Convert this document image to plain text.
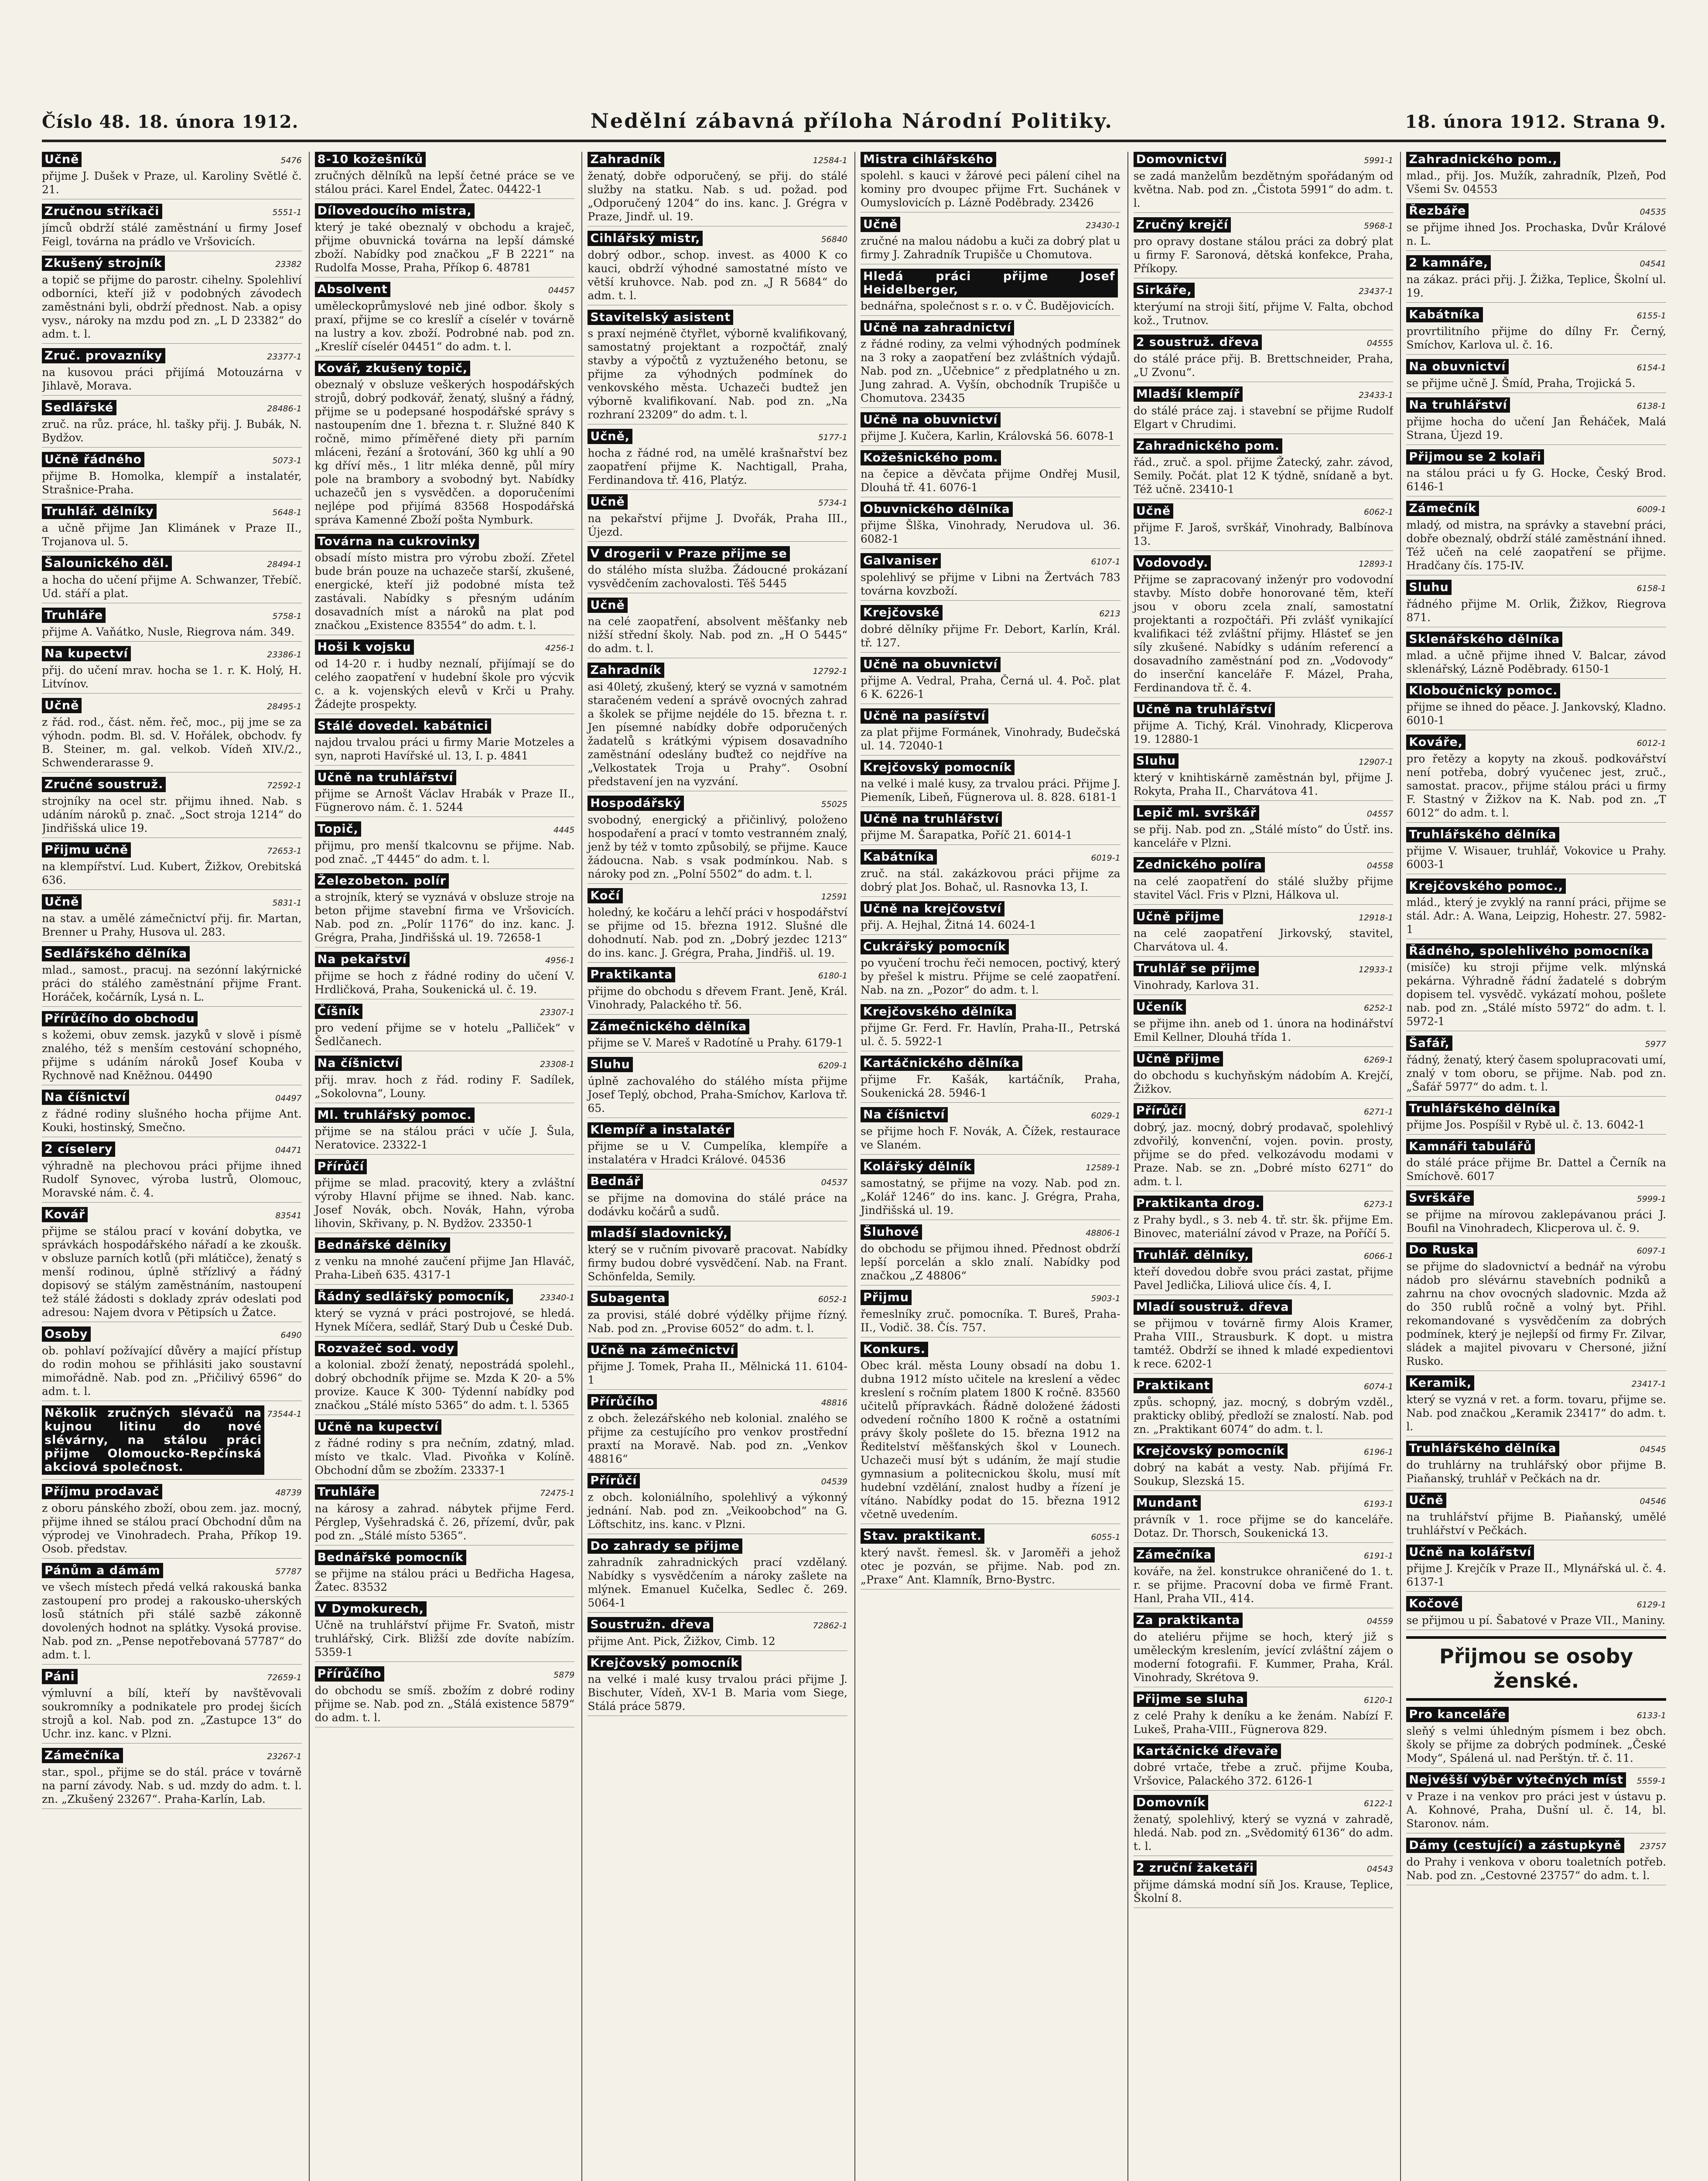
Číslo 48. 18. února 1912.	Nedělní zábavná příloha Národní Politiky.	18. února 1912. Strana 9.
Učně	5476
přijme J. Dušek v Praze, ul. Karoliny Světlé č. 21.
Zručnou stříkači	5551-1
jímců obdrží stálé zaměstnání u firmy Josef Feigl, továrna na prádlo ve Vršovicích.
Zkušený strojník	23382
a topič se přijme do parostr. cihelny. Spolehliví odborníci, kteří již v podobných závodech zaměstnáni byli, obdrží přednost. Nab. a opisy vysv., nároky na mzdu pod zn. „L D 23382“ do adm. t. l.
Zruč. provazníky	23377-1
na kusovou práci přijímá Motouzárna v Jihlavě, Morava.
Sedlářské	28486-1
zruč. na růz. práce, hl. tašky přij. J. Bubák, N. Bydžov.
Učně řádného	5073-1
přijme B. Homolka, klempíř a instalatér, Strašnice-Praha.
Truhlář. dělníky	5648-1
a učně přijme Jan Klimánek v Praze II., Trojanova ul. 5.
Šalounického děl.	28494-1
a hocha do učení přijme A. Schwanzer, Třebíč. Ud. stáří a plat.
Truhláře	5758-1
přijme A. Vaňátko, Nusle, Riegrova nám. 349.
Na kupectví	23386-1
přij. do učení mrav. hocha se 1. r. K. Holý, H. Litvínov.
Učně	28495-1
z řád. rod., část. něm. řeč, moc., pij jme se za výhodn. podm. Bl. sd. V. Hořálek, obchodv. fy B. Steiner, m. gal. velkob. Vídeň XIV./2., Schwenderarasse 9.
Zručné soustruž.	72592-1
strojníky na ocel str. přijmu ihned. Nab. s udáním nároků p. znač. „Soct stroja 1214“ do Jindřišská ulice 19.
Přijmu učně	72653-1
na klempířství. Lud. Kubert, Žižkov, Orebitská 636.
Učně	5831-1
na stav. a umělé zámečnictví přij. fir. Martan, Brenner u Prahy, Husova ul. 283.
Sedlářského dělníka
mlad., samost., pracuj. na sezónní lakýrnické práci do stálého zaměstnání přijme Frant. Horáček, kočárník, Lysá n. L.
Přírůčího do obchodu
s kožemi, obuv zemsk. jazyků v slově i písmě znalého, též s menším cestování schopného, přijme s udáním nároků Josef Kouba v Rychnově nad Kněžnou. 04490
Na číšnictví	04497
z řádné rodiny slušného hocha přijme Ant. Kouki, hostinský, Smečno.
2 císelery	04471
výhradně na plechovou práci přijme ihned Rudolf Synovec, výroba lustrů, Olomouc, Moravské nám. č. 4.
Kovář	83541
přijme se stálou prací v kování dobytka, ve správkách hospodářského nářadí a ke zkoušk. v obsluze parních kotlů (při mlátičce), ženatý s menší rodinou, úplně střízlivý a řádný dopisový se stálým zaměstnáním, nastoupení tež stálé žádosti s doklady zpráv odeslati pod adresou: Najem dvora v Pětipsích u Žatce.
Osoby	6490
ob. pohlaví požívající důvěry a mající přístup do rodin mohou se přihlásiti jako soustavní mimořádně. Nab. pod zn. „Přičilivý 6596“ do adm. t. l.
Několik zručných slévačů na kujnou litinu do nové slévárny, na stálou práci přijme Olomoucko-Repčínská akciová společnost.
73544-1
Příjmu prodavač	48739
z oboru pánského zboží, obou zem. jaz. mocný, přijme ihned se stálou prací Obchodní dům na výprodej ve Vinohradech. Praha, Příkop 19. Osob. představ.
Pánům a dámám	57787
ve všech místech předá velká rakouská banka zastoupení pro prodej a rakousko-uherských losů státních při stálé sazbě zákonně dovolených hodnot na splátky. Vysoká provise. Nab. pod zn. „Pense nepotřebovaná 57787“ do adm. t. l.
Páni	72659-1
výmluvní a bílí, kteří by navštěvovali soukromníky a podnikatele pro prodej šicích strojů a kol. Nab. pod zn. „Zastupce 13“ do Uchr. inz. kanc. v Plzni.
Zámečníka	23267-1
star., spol., přijme se do stál. práce v továrně na parní závody. Nab. s ud. mzdy do adm. t. l. zn. „Zkušený 23267“. Praha-Karlín, Lab.
8-10 kožešníků
zručných dělníků na lepší četné práce se ve stálou práci. Karel Endel, Žatec. 04422-1
Dílovedoucího mistra,
který je také obeznalý v obchodu a kraječ, přijme obuvnická továrna na lepší dámské zboží. Nabídky pod značkou „F B 2221“ na Rudolfa Mosse, Praha, Příkop 6. 48781
Absolvent	04457
uměleckoprůmyslové neb jiné odbor. školy s praxí, přijme se co kreslíř a císelér v továrně na lustry a kov. zboží. Podrobné nab. pod zn. „Kreslíř císelér 04451“ do adm. t. l.
Kovář, zkušený topič,
obeznalý v obsluze veškerých hospodářských strojů, dobrý podkovář, ženatý, slušný a řádný, přijme se u podepsané hospodářské správy s nastoupením dne 1. března t. r. Služné 840 K ročně, mimo příměřené diety při parním mláceni, řezání a šrotování, 360 kg uhlí a 90 kg dříví měs., 1 litr mléka denně, půl míry pole na brambory a svobodný byt. Nabídky uchazečů jen s vysvědčen. a doporučeními nejlépe pod přijímá 83568 Hospodářská správa Kamenné Zboží pošta Nymburk.
Továrna na cukrovinky
obsadí místo mistra pro výrobu zboží. Zřetel bude brán pouze na uchazeče starší, zkušené, energické, kteří již podobné místa tež zastávali. Nabídky s přesným udáním dosavadních míst a nároků na plat pod značkou „Existence 83554“ do adm. t. l.
Hoši k vojsku	4256-1
od 14-20 r. i hudby neznalí, přijímají se do celého zaopatření v hudební škole pro výcvik c. a k. vojenských elevů v Krči u Prahy. Žádejte prospekty.
Stálé dovedel. kabátnici
najdou trvalou práci u firmy Marie Motzeles a syn, naproti Havířské ul. 13, I. p. 4841
Učně na truhlářství
přijme se Arnošt Václav Hrabák v Praze II., Fügnerovo nám. č. 1. 5244
Topič,	4445
přijmu, pro menší tkalcovnu se přijme. Nab. pod znač. „T 4445“ do adm. t. l.
Železobeton. polír
a strojník, který se vyznává v obsluze stroje na beton přijme stavební firma ve Vršovicích. Nab. pod zn. „Polír 1176“ do inz. kanc. J. Grégra, Praha, Jindřišská ul. 19. 72658-1
Na pekařství	4956-1
přijme se hoch z řádné rodiny do učení V. Hrdličková, Praha, Soukenická ul. č. 19.
Číšník	23307-1
pro vedení přijme se v hotelu „Palliček“ v Šedlčanech.
Na číšnictví	23308-1
přij. mrav. hoch z řád. rodiny F. Sadílek, „Sokolovna“, Louny.
Ml. truhlářský pomoc.
přijme se na stálou práci v učíe J. Šula, Neratovice. 23322-1
Přírůčí
přijme se mlad. pracovitý, ktery a zvláštní výroby Hlavní přijme se ihned. Nab. kanc. Josef Novák, obch. Novák, Hahn, výroba lihovin, Skřivany, p. N. Bydžov. 23350-1
Bednářské dělníky
z venku na mnohé zaučení přijme Jan Hlaváč, Praha-Libeň 635. 4317-1
Řádný sedlářský pomocník,	23340-1
který se vyzná v práci postrojové, se hledá. Hynek Míčera, sedlář, Starý Dub u České Dub.
Rozvažeč sod. vody
a kolonial. zboží ženatý, nepostrádá spolehl., dobrý obchodník přijme se. Mzda K 20- a 5% provize. Kauce K 300- Týdenní nabídky pod značkou „Stálé místo 5365“ do adm. t. l. 5365
Učně na kupectví
z řádné rodiny s pra nečním, zdatný, mlad. místo ve tkalc. Vlad. Pivoňka v Kolíně. Obchodní dům se zbožím. 23337-1
Truhláře	72475-1
na károsy a zahrad. nábytek přijme Ferd. Pérglep, Vyšehradská č. 26, přízemí, dvůr, pak pod zn. „Stálé místo 5365“.
Bednářské pomocník
se přijme na stálou práci u Bedřicha Hagesa, Žatec. 83532
V Dymokurech,
Učně na truhlářství přijme Fr. Svatoň, mistr truhlářský, Cirk. Bližší zde dovíte nabízím. 5359-1
Přírůčího	5879
do obchodu se smíš. zbožím z dobré rodiny přijme se. Nab. pod zn. „Stálá existence 5879“ do adm. t. l.
Zahradník	12584-1
ženatý, dobře odporučený, se přij. do stálé služby na statku. Nab. s ud. požad. pod „Odporučený 1204“ do ins. kanc. J. Grégra v Praze, Jindř. ul. 19.
Cihlářský mistr,	56840
dobrý odbor., schop. invest. as 4000 K co kauci, obdrží výhodné samostatné místo ve větší kruhovce. Nab. pod zn. „J R 5684“ do adm. t. l.
Stavitelský asistent
s praxí nejméně čtyřlet, výborně kvalifikovaný, samostatný projektant a rozpočtář, znalý stavby a výpočtů z vyztuženého betonu, se přijme za výhodných podmínek do venkovského města. Uchazeči budtež jen výborně kvalifikovaní. Nab. pod zn. „Na rozhraní 23209“ do adm. t. l.
Učně,	5177-1
hocha z řádné rod, na umělé krašnařství bez zaopatření přijme K. Nachtigall, Praha, Ferdinandova tř. 416, Platýz.
Učně	5734-1
na pekařství přijme J. Dvořák, Praha III., Újezd.
V drogerii v Praze přijme se
do stálého místa služba. Žádoucné prokázaní vysvědčením zachovalosti. Těš 5445
Učně
na celé zaopatření, absolvent měšťanky neb nižší střední školy. Nab. pod zn. „H O 5445“ do adm. t. l.
Zahradník	12792-1
asi 40letý, zkušený, který se vyzná v samotném staračeném vedení a správě ovocných zahrad a školek se přijme nejdéle do 15. března t. r. Jen písemné nabídky dobře odporučených žadatelů s krátkými výpisem dosavadního zaměstnání odeslány buďtež co nejdříve na „Velkostatek Troja u Prahy“. Osobní představení jen na vyzvání.
Hospodářský	55025
svobodný, energický a přičinlivý, položeno hospodaření a prací v tomto vestranném znalý, jenž by též v tomto způsobilý, se přijme. Kauce žádoucna. Nab. s vsak podmínkou. Nab. s nároky pod zn. „Polní 5502“ do adm. t. l.
Kočí	12591
holedný, ke kočáru a lehčí práci v hospodářství se přijme od 15. března 1912. Slušné dle dohodnutí. Nab. pod zn. „Dobrý jezdec 1213“ do ins. kanc. J. Grégra, Praha, Jindřiš. ul. 19.
Praktikanta	6180-1
přijme do obchodu s dřevem Frant. Jeně, Král. Vinohrady, Palackého tř. 56.
Zámečnického dělníka
přijme se V. Mareš v Radotíně u Prahy. 6179-1
Sluhu	6209-1
úplně zachovalého do stálého místa přijme Josef Teplý, obchod, Praha-Smíchov, Karlova tř. 65.
Klempíř a instalatér
přijme se u V. Cumpelíka, klempíře a instalatéra v Hradci Králové. 04536
Bednář	04537
se přijme na domovina do stálé práce na dodávku kočárů a sudů.
mladší sladovnický,
který se v ručním pivovarě pracovat. Nabídky firmy budou dobré vysvědčení. Nab. na Frant. Schönfelda, Semily.
Subagenta	6052-1
za provisi, stálé dobré výdělky přijme řízný. Nab. pod zn. „Provise 6052“ do adm. t. l.
Učně na zámečnictví
přijme J. Tomek, Praha II., Mělnická 11. 6104-1
Přírůčího	48816
z obch. železářského neb kolonial. znalého se přijme za cestujícího pro venkov prostřední praxtí na Moravě. Nab. pod zn. „Venkov 48816“
Přírůčí	04539
z obch. koloniálního, spolehlivý a výkonný jednání. Nab. pod zn. „Veikoobchod“ na G. Löftschitz, ins. kanc. v Plzni.
Do zahrady se přijme
zahradník zahradnických prací vzdělaný. Nabídky s vysvědčením a nároky zašlete na mlýnek. Emanuel Kučelka, Sedlec č. 269. 5064-1
Soustružn. dřeva	72862-1
přijme Ant. Pick, Žižkov, Cimb. 12
Krejčovský pomocník
na velké i malé kusy trvalou práci přijme J. Bischuter, Vídeň, XV-1 B. Maria vom Siege, Stálá práce 5879.
Mistra cihlářského
spolehl. s kauci v žárové peci pálení cihel na kominy pro dvoupec přijme Frt. Suchánek v Oumyslovicích p. Lázně Poděbrady. 23426
Učně	23430-1
zručné na malou nádobu a kuči za dobrý plat u firmy J. Zahradník Trupišče u Chomutova.
Hledá práci přijme Josef Heidelberger,
bednářna, společnost s r. o. v Č. Budějovicích.
Učně na zahradnictví
z řádné rodiny, za velmi výhodných podmínek na 3 roky a zaopatření bez zvláštních výdajů. Nab. pod zn. „Učebnice“ z předplatného u zn. Jung zahrad. A. Vyšín, obchodník Trupišče u Chomutova. 23435
Učně na obuvnictví
přijme J. Kučera, Karlin, Královská 56. 6078-1
Kožešnického pom.
na čepice a děvčata přijme Ondřej Musil, Dlouhá tř. 41. 6076-1
Obuvnického dělníka
přijme Šlška, Vinohrady, Nerudova ul. 36. 6082-1
Galvaniser	6107-1
spolehlivý se přijme v Libni na Žertvách 783 továrna kovzboží.
Krejčovské	6213
dobré dělníky přijme Fr. Debort, Karlín, Král. tř. 127.
Učně na obuvnictví
přijme A. Vedral, Praha, Černá ul. 4. Poč. plat 6 K. 6226-1
Učně na pasířství
za plat přijme Formánek, Vinohrady, Budečská ul. 14. 72040-1
Krejčovský pomocník
na velké i malé kusy, za trvalou práci. Přijme J. Piemeník, Libeň, Fügnerova ul. 8. 828. 6181-1
Učně na truhlářství
přijme M. Šarapatka, Poříč 21. 6014-1
Kabátníka	6019-1
zruč. na stál. zakázkovou práci přijme za dobrý plat Jos. Bohač, ul. Rasnovka 13, I.
Učně na krejčovství
přij. A. Hejhal, Žitná 14. 6024-1
Cukrářský pomocník
po vyučení trochu řeči nemocen, poctivý, který by přešel k mistru. Přijme se celé zaopatření. Nab. na zn. „Pozor“ do adm. t. l.
Krejčovského dělníka
přijme Gr. Ferd. Fr. Havlín, Praha-II., Petrská ul. č. 5. 5922-1
Kartáčnického dělníka
přijme Fr. Kašák, kartáčník, Praha, Soukenická 28. 5946-1
Na číšnictví	6029-1
se přijme hoch F. Novák, A. Čížek, restaurace ve Slaném.
Kolářský dělník	12589-1
samostatný, se přijme na vozy. Nab. pod zn. „Kolář 1246“ do ins. kanc. J. Grégra, Praha, Jindřišská ul. 19.
Šluhové	48806-1
do obchodu se přijmou ihned. Přednost obdrží lepší porcelán a sklo znalí. Nabídky pod značkou „Z 48806“
Přijmu	5903-1
řemeslníky zruč. pomocníka. T. Bureš, Praha-II., Vodič. 38. Čís. 757.
Konkurs.
Obec král. města Louny obsadí na dobu 1. dubna 1912 místo učitele na kreslení a vědec kreslení s ročním platem 1800 K ročně. 83560 učitelů přípravkách. Řádně doložené žádosti odvedení ročního 1800 K ročně a ostatními právy školy pošlete do 15. března 1912 na Ředitelství měšťanských škol v Lounech. Uchazeči musí být s udáním, že mají studie gymnasium a politecnickou školu, musí mít hudební vzdělání, znalost hudby a řízení je vítáno. Nabídky podat do 15. března 1912 včetně uvedením.
Stav. praktikant.	6055-1
který navšt. řemesl. šk. v Jaroměři a jehož otec je pozván, se přijme. Nab. pod zn. „Praxe“ Ant. Klamník, Brno-Bystrc.
Domovnictví	5991-1
se zadá manželům bezdětným spořádaným od května. Nab. pod zn. „Čistota 5991“ do adm. t. l.
Zručný krejčí	5968-1
pro opravy dostane stálou práci za dobrý plat u firmy F. Saronová, dětská konfekce, Praha, Příkopy.
Sirkáře,	23437-1
kterýumí na stroji šití, přijme V. Falta, obchod kož., Trutnov.
2 soustruž. dřeva	04555
do stálé práce přij. B. Brettschneider, Praha, „U Zvonu“.
Mladší klempíř	23433-1
do stálé práce zaj. i stavební se přijme Rudolf Elgart v Chrudimi.
Zahradnického pom.
řád., zruč. a spol. přijme Žatecký, zahr. závod, Semily. Počát. plat 12 K týdně, snídaně a byt. Též učně. 23410-1
Učně	6062-1
přijme F. Jaroš, svrškář, Vinohrady, Balbínova 13.
Vodovody.	12893-1
Přijme se zapracovaný inženýr pro vodovodní stavby. Místo dobře honorované těm, kteří jsou v oboru zcela znalí, samostatní projektanti a rozpočtáři. Při zvlášť vynikající kvalifikaci též zvláštní přijmy. Hlásteť se jen síly zkušené. Nabídky s udáním referencí a dosavadního zaměstnání pod zn. „Vodovody“ do inserční kanceláře F. Mázel, Praha, Ferdinandova tř. č. 4.
Učně na truhlářství
přijme A. Tichý, Král. Vinohrady, Klicperova 19. 12880-1
Sluhu	12907-1
který v knihtiskárně zaměstnán byl, přijme J. Rokyta, Praha II., Charvátova 41.
Lepič ml. svrškář	04557
se přij. Nab. pod zn. „Stálé místo“ do Ústř. ins. kanceláře v Plzni.
Zednického políra	04558
na celé zaopatření do stálé služby přijme stavitel Václ. Fris v Plzni, Hálkova ul.
Učně přijme	12918-1
na celé zaopatření Jirkovský, stavitel, Charvátova ul. 4.
Truhlář se přijme	12933-1
Vinohrady, Karlova 31.
Učeník	6252-1
se přijme ihn. aneb od 1. února na hodinářství Emil Kellner, Dlouhá třída 1.
Učně přijme	6269-1
do obchodu s kuchyňským nádobím A. Krejčí, Žižkov.
Přírůčí	6271-1
dobrý, jaz. mocný, dobrý prodavač, spolehlivý zdvořilý, konvenční, vojen. povin. prosty, přijme se do před. velkozávodu modami v Praze. Nab. se zn. „Dobré místo 6271“ do adm. t. l.
Praktikanta drog.	6273-1
z Prahy bydl., s 3. neb 4. tř. str. šk. přijme Em. Binovec, materiální závod v Praze, na Poříčí 5.
Truhlář. dělníky,	6066-1
kteří dovedou dobře svou práci zastat, přijme Pavel Jedlička, Liliová ulice čís. 4, I.
Mladí soustruž. dřeva
se přijmou v továrně firmy Alois Kramer, Praha VIII., Strausburk. K dopt. u mistra tamtéž. Obdrží se ihned k mladé expedientovi k rece. 6202-1
Praktikant	6074-1
způs. schopný, jaz. mocný, s dobrým vzděl., prakticky oblibý, předloží se znalostí. Nab. pod zn. „Praktikant 6074“ do adm. t. l.
Krejčovský pomocník	6196-1
dobrý na kabát a vesty. Nab. přijímá Fr. Soukup, Slezská 15.
Mundant	6193-1
právník v 1. roce přijme se do kanceláře. Dotaz. Dr. Thorsch, Soukenická 13.
Zámečníka	6191-1
kováře, na žel. konstrukce ohraničené do 1. t. r. se přijme. Pracovní doba ve firmě Frant. Hanl, Praha VII., 414.
Za praktikanta	04559
do ateliéru přijme se hoch, který již s uměleckým kreslením, jevící zvláštní zájem o moderní fotografii. F. Kummer, Praha, Král. Vinohrady, Skrétova 9.
Přijme se sluha	6120-1
z celé Prahy k deníku a ke ženám. Nabízí F. Lukeš, Praha-VIII., Fügnerova 829.
Kartáčnické dřevaře
dobré vrtače, třebe a zruč. přijme Kouba, Vršovice, Palackého 372. 6126-1
Domovník	6122-1
ženatý, spolehlivý, který se vyzná v zahradě, hledá. Nab. pod zn. „Svědomitý 6136“ do adm. t. l.
2 zruční žaketáři	04543
přijme dámská modní síň Jos. Krause, Teplice, Školní 8.
Zahradnického pom.,
mlad., přij. Jos. Mužík, zahradník, Plzeň, Pod Všemi Sv. 04553
Řezbáře	04535
se přijme ihned Jos. Prochaska, Dvůr Králové n. L.
2 kamnáře,	04541
na zákaz. práci přij. J. Žižka, Teplice, Školní ul. 19.
Kabátníka	6155-1
provrtilitního přijme do dílny Fr. Černý, Smíchov, Karlova ul. č. 16.
Na obuvnictví	6154-1
se přijme učně J. Šmíd, Praha, Trojická 5.
Na truhlářství	6138-1
přijme hocha do učení Jan Řeháček, Malá Strana, Újezd 19.
Přijmou se 2 kolaři
na stálou práci u fy G. Hocke, Český Brod. 6146-1
Zámečník	6009-1
mladý, od mistra, na správky a stavební práci, dobře obeznalý, obdrží stálé zaměstnání ihned. Též učeň na celé zaopatření se přijme. Hradčany čís. 175-IV.
Sluhu	6158-1
řádného přijme M. Orlik, Žižkov, Riegrova 871.
Sklenářského dělníka
mlad. a učně přijme ihned V. Balcar, závod sklenářský, Lázně Poděbrady. 6150-1
Kloboučnický pomoc.
přijme se ihned do pěace. J. Jankovský, Kladno. 6010-1
Kováře,	6012-1
pro řetězy a kopyty na zkouš. podkovářství není potřeba, dobrý vyučenec jest, zruč., samostat. pracov., přijme stálou práci u firmy F. Stastný v Žižkov na K. Nab. pod zn. „T 6012“ do adm. t. l.
Truhlářského dělníka
přijme V. Wisauer, truhlář, Vokovice u Prahy. 6003-1
Krejčovského pomoc.,
mlád., který je zvyklý na ranní práci, přijme se stál. Adr.: A. Wana, Leipzig, Hohestr. 27. 5982-1
Řádného, spolehlivého pomocníka
(misíče) ku stroji přijme velk. mlýnská pekárna. Výhradně řádní žadatelé s dobrým dopisem tel. vysvědč. vykázatí mohou, pošlete nab. pod zn. „Stálé místo 5972“ do adm. t. l. 5972-1
Šafář,	5977
řádný, ženatý, který časem spolupracovati umí, znalý v tom oboru, se přijme. Nab. pod zn. „Šafář 5977“ do adm. t. l.
Truhlářského dělníka
přijme Jos. Pospíšil v Rybě ul. č. 13. 6042-1
Kamnáři tabulářů
do stálé práce přijme Br. Dattel a Černík na Smíchově. 6017
Svrškáře	5999-1
se přijme na mírovou zaklepávanou práci J. Boufil na Vinohradech, Klicperova ul. č. 9.
Do Ruska	6097-1
se přijme do sladovnictví a bednář na výrobu nádob pro slévárnu stavebních podniků a zahrnu na chov ovocných sladovnic. Mzda až do 350 rublů ročně a volný byt. Přihl. rekomandované s vysvědčením za dobrých podmínek, který je nejlepší od firmy Fr. Zilvar, sládek a majitel pivovaru v Chersoné, jižní Rusko.
Keramik,	23417-1
který se vyzná v ret. a form. tovaru, přijme se. Nab. pod značkou „Keramik 23417“ do adm. t. l.
Truhlářského dělníka	04545
do truhlárny na truhlářský obor přijme B. Piaňanský, truhlář v Pečkách na dr.
Učně	04546
na truhlářství přijme B. Piaňanský, umělé truhlářství v Pečkách.
Učně na kolářství
přijme J. Krejčík v Praze II., Mlynářská ul. č. 4. 6137-1
Kočové	6129-1
se přijmou u pí. Šabatové v Praze VII., Maniny.
Přijmou se osoby ženské.
Pro kanceláře	6133-1
sleňý s velmi úhledným písmem i bez obch. školy se přijme za dobrých podmínek. „České Mody“, Spálená ul. nad Perštýn. tř. č. 11.
Nejvéšší výběr výtečných míst	5559-1
v Praze i na venkov pro práci jest v ústavu p. A. Kohnové, Praha, Dušní ul. č. 14, bl. Staronov. nám.
Dámy (cestující) a zástupkyně	23757
do Prahy i venkova v oboru toaletních potřeb. Nab. pod zn. „Cestovné 23757“ do adm. t. l.
